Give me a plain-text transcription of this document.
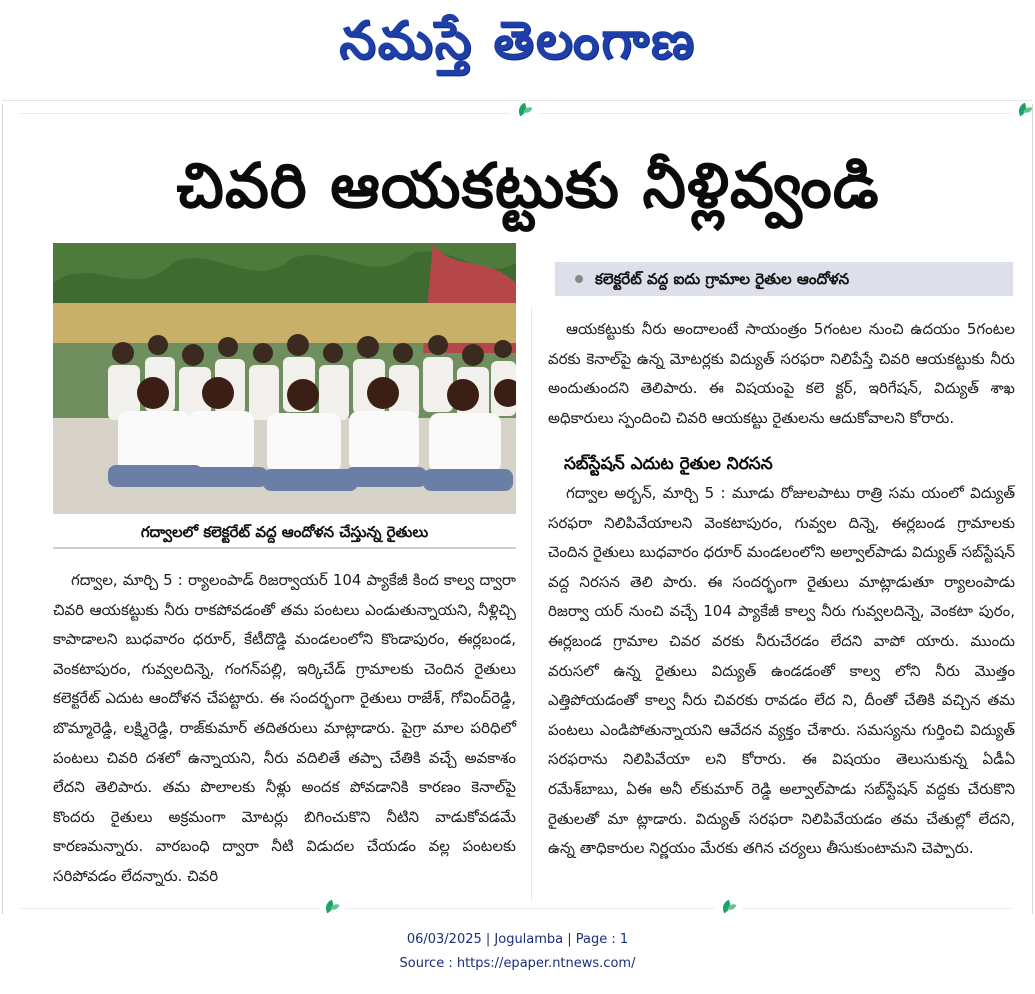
నమస్తే తెలంగాణ
చివరి ఆయకట్టుకు నీళ్లివ్వండి
గద్వాలలో కలెక్టరేట్ వద్ద ఆందోళన చేస్తున్న రైతులు
కలెక్టరేట్ వద్ద ఐదు గ్రామాల రైతుల ఆందోళన

గద్వాల, మార్చి 5 : ర్యాలంపాడ్ రిజర్వాయర్ 104 ప్యాకేజీ కింద కాల్వ ద్వారా చివరి ఆయకట్టుకు నీరు రాకపోవడంతో తమ పంటలు ఎండుతున్నాయని, నీళ్లిచ్చి కాపాడాలని బుధవారం ధరూర్, కేటీదొడ్డి మండలంలోని కొండాపురం, ఈర్లబండ, వెంకటాపురం, గువ్వలదిన్నె, గంగన్‌పల్లి, ఇర్కిచేడ్ గ్రామాలకు చెందిన రైతులు కలెక్టరేట్ ఎదుట ఆందోళన చేపట్టారు. ఈ సందర్భంగా రైతులు రాజేశ్, గోవింద్‌రెడ్డి, బొమ్మారెడ్డి, లక్ష్మిరెడ్డి, రాజ్‌కుమార్ తదితరులు మాట్లాడారు. పైగ్రా మాల పరిధిలో పంటలు చివరి దశలో ఉన్నాయని, నీరు వదిలితే తప్పా చేతికి వచ్చే అవకాశం లేదని తెలిపారు. తమ పొలాలకు నీళ్లు అందక పోవడానికి కారణం కెనాల్‌పై కొందరు రైతులు అక్రమంగా మోటర్లు బిగించుకొని నీటిని వాడుకోవడమే కారణమన్నారు. వారబంధి ద్వారా నీటి విడుదల చేయడం వల్ల పంటలకు సరిపోవడం లేదన్నారు. చివరి

ఆయకట్టుకు నీరు అందాలంటే సాయంత్రం 5గంటల నుంచి ఉదయం 5గంటల వరకు కెనాల్‌పై ఉన్న మోటర్లకు విద్యుత్ సరఫరా నిలిపేస్తే చివరి ఆయకట్టుకు నీరు అందుతుందని తెలిపారు. ఈ విషయంపై కలె క్టర్, ఇరిగేషన్, విద్యుత్ శాఖ అధికారులు స్పందించి చివరి ఆయకట్టు రైతులను ఆదుకోవాలని కోరారు.

సబ్‌స్టేషన్ ఎదుట రైతుల నిరసన

గద్వాల అర్బన్, మార్చి 5 : మూడు రోజులపాటు రాత్రి సమ యంలో విద్యుత్ సరఫరా నిలిపివేయాలని వెంకటాపురం, గువ్వల దిన్నె, ఈర్లబండ గ్రామాలకు చెందిన రైతులు బుధవారం ధరూర్ మండలంలోని అల్వాల్‌పాడు విద్యుత్ సబ్‌స్టేషన్ వద్ద నిరసన తెలి పారు. ఈ సందర్భంగా రైతులు మాట్లాడుతూ ర్యాలంపాడు రిజర్వా యర్ నుంచి వచ్చే 104 ప్యాకేజీ కాల్వ నీరు గువ్వలదిన్నె, వెంకటా పురం, ఈర్లబండ గ్రామాల చివర వరకు నీరుచేరడం లేదని వాపో యారు. ముందు వరుసలో ఉన్న రైతులు విద్యుత్ ఉండడంతో కాల్వ లోని నీరు మొత్తం ఎత్తిపోయడంతో కాల్వ నీరు చివరకు రావడం లేద ని, దీంతో చేతికి వచ్చిన తమ పంటలు ఎండిపోతున్నాయని ఆవేదన వ్యక్తం చేశారు. సమస్యను గుర్తించి విద్యుత్ సరఫరాను నిలిపివేయా లని కోరారు. ఈ విషయం తెలుసుకున్న ఏడీఏ రమేశ్‌బాబు, ఏఈ అనీ ల్‌కుమార్ రెడ్డి అల్వాల్‌పాడు సబ్‌స్టేషన్ వద్దకు చేరుకొని రైతులతో మా ట్లాడారు. విద్యుత్ సరఫరా నిలిపివేయడం తమ చేతుల్లో లేదని, ఉన్న తాధికారుల నిర్ణయం మేరకు తగిన చర్యలు తీసుకుంటామని చెప్పారు.

06/03/2025 | Jogulamba | Page : 1
Source : https://epaper.ntnews.com/
